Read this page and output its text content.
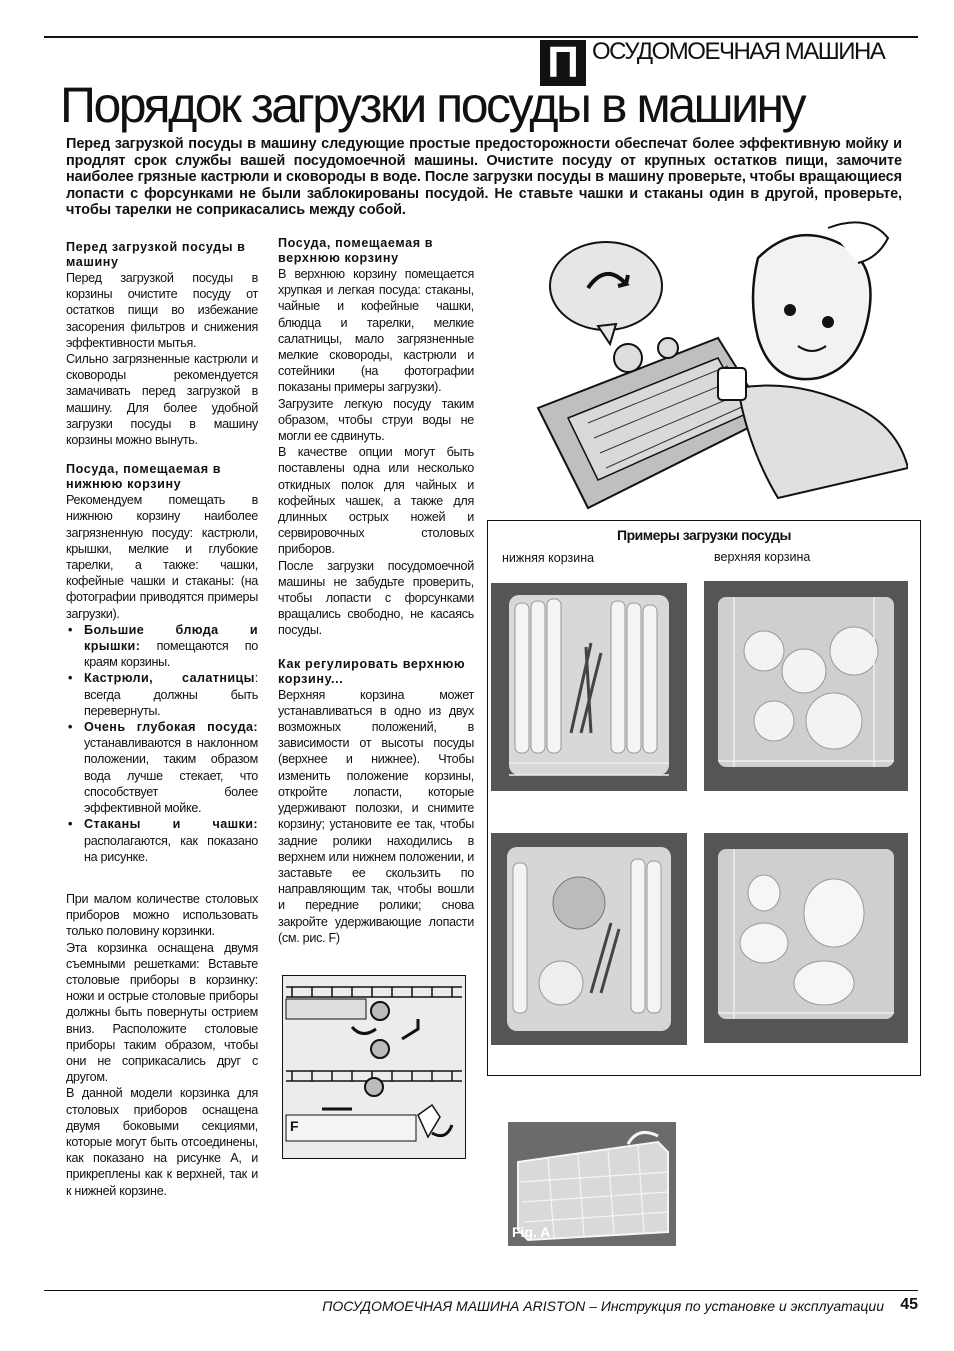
П ОСУДОМОЕЧНАЯ МАШИНА
Порядок загрузки посуды в машину
Перед загрузкой посуды в машину следующие простые предосторожности обеспечат более эффективную мойку и продлят срок службы вашей посудомоечной машины. Очистите посуду от крупных остатков пищи, замочите наиболее грязные кастрюли и сковороды в воде. После загрузки посуды в машину проверьте, чтобы вращающиеся лопасти с форсунками не были заблокированы посудой. Не ставьте чашки и стаканы один в другой, проверьте, чтобы тарелки не соприкасались между собой.
Перед загрузкой посуды в машину

Перед загрузкой посуды в корзины очистите посуду от остатков пищи во избежание засорения фильтров и снижения эффективности мытья.

Сильно загрязненные кастрюли и сковороды рекомендуется замачивать перед загрузкой в машину. Для более удобной загрузки посуды в машину корзины можно вынуть.

Посуда, помещаемая в нижнюю корзину

Рекомендуем помещать в нижнюю корзину наиболее загрязненную посуду: кастрюли, крышки, мелкие и глубокие тарелки, а также: чашки, кофейные чашки и стаканы: (на фотографии приводятся примеры загрузки).

• Большие блюда и крышки: помещаются по краям корзины.
• Кастрюли, салатницы: всегда должны быть перевернуты.
• Очень глубокая посуда: устанавливаются в наклонном положении, таким образом вода лучше стекает, что способствует более эффективной мойке.
• Стаканы и чашки: располагаются, как показано на рисунке.

При малом количестве столовых приборов можно использовать только половину корзинки.

Эта корзинка оснащена двумя съемными решетками: Вставьте столовые приборы в корзинку: ножи и острые столовые приборы должны быть повернуты острием вниз. Расположите столовые приборы таким образом, чтобы они не соприкасались друг с другом.

В данной модели корзинка для столовых приборов оснащена двумя боковыми секциями, которые могут быть отсоединены, как показано на рисунке А, и прикреплены как к верхней, так и к нижней корзине.

Посуда, помещаемая в верхнюю корзину

В верхнюю корзину помещается хрупкая и легкая посуда: стаканы, чайные и кофейные чашки, блюдца и тарелки, мелкие салатницы, мало загрязненные мелкие сковороды, кастрюли и сотейники (на фотографии показаны примеры загрузки).

Загрузите легкую посуду таким образом, чтобы струи воды не могли ее сдвинуть.

В качестве опции могут быть поставлены одна или несколько откидных полок для чайных и кофейных чашек, а также для длинных острых ножей и сервировочных столовых приборов.

После загрузки посудомоечной машины не забудьте проверить, чтобы лопасти с форсунками вращались свободно, не касаясь посуды.

Как регулировать верхнюю корзину...

Верхняя корзина может устанавливаться в одно из двух возможных положений, в зависимости от высоты посуды (верхнее и нижнее). Чтобы изменить положение корзины, откройте лопасти, которые удерживают полозки, и снимите корзину; установите ее так, чтобы задние ролики находились в верхнем или нижнем положении, и заставьте ее скользить по направляющим так, чтобы вошли и передние ролики; снова закройте удерживающие лопасти (см. рис. F)

Примеры загрузки посуды
нижняя корзина	верхняя корзина
F
Fig. A
ПОСУДОМОЕЧНАЯ МАШИНА ARISTON – Инструкция по установке и эксплуатации 45
